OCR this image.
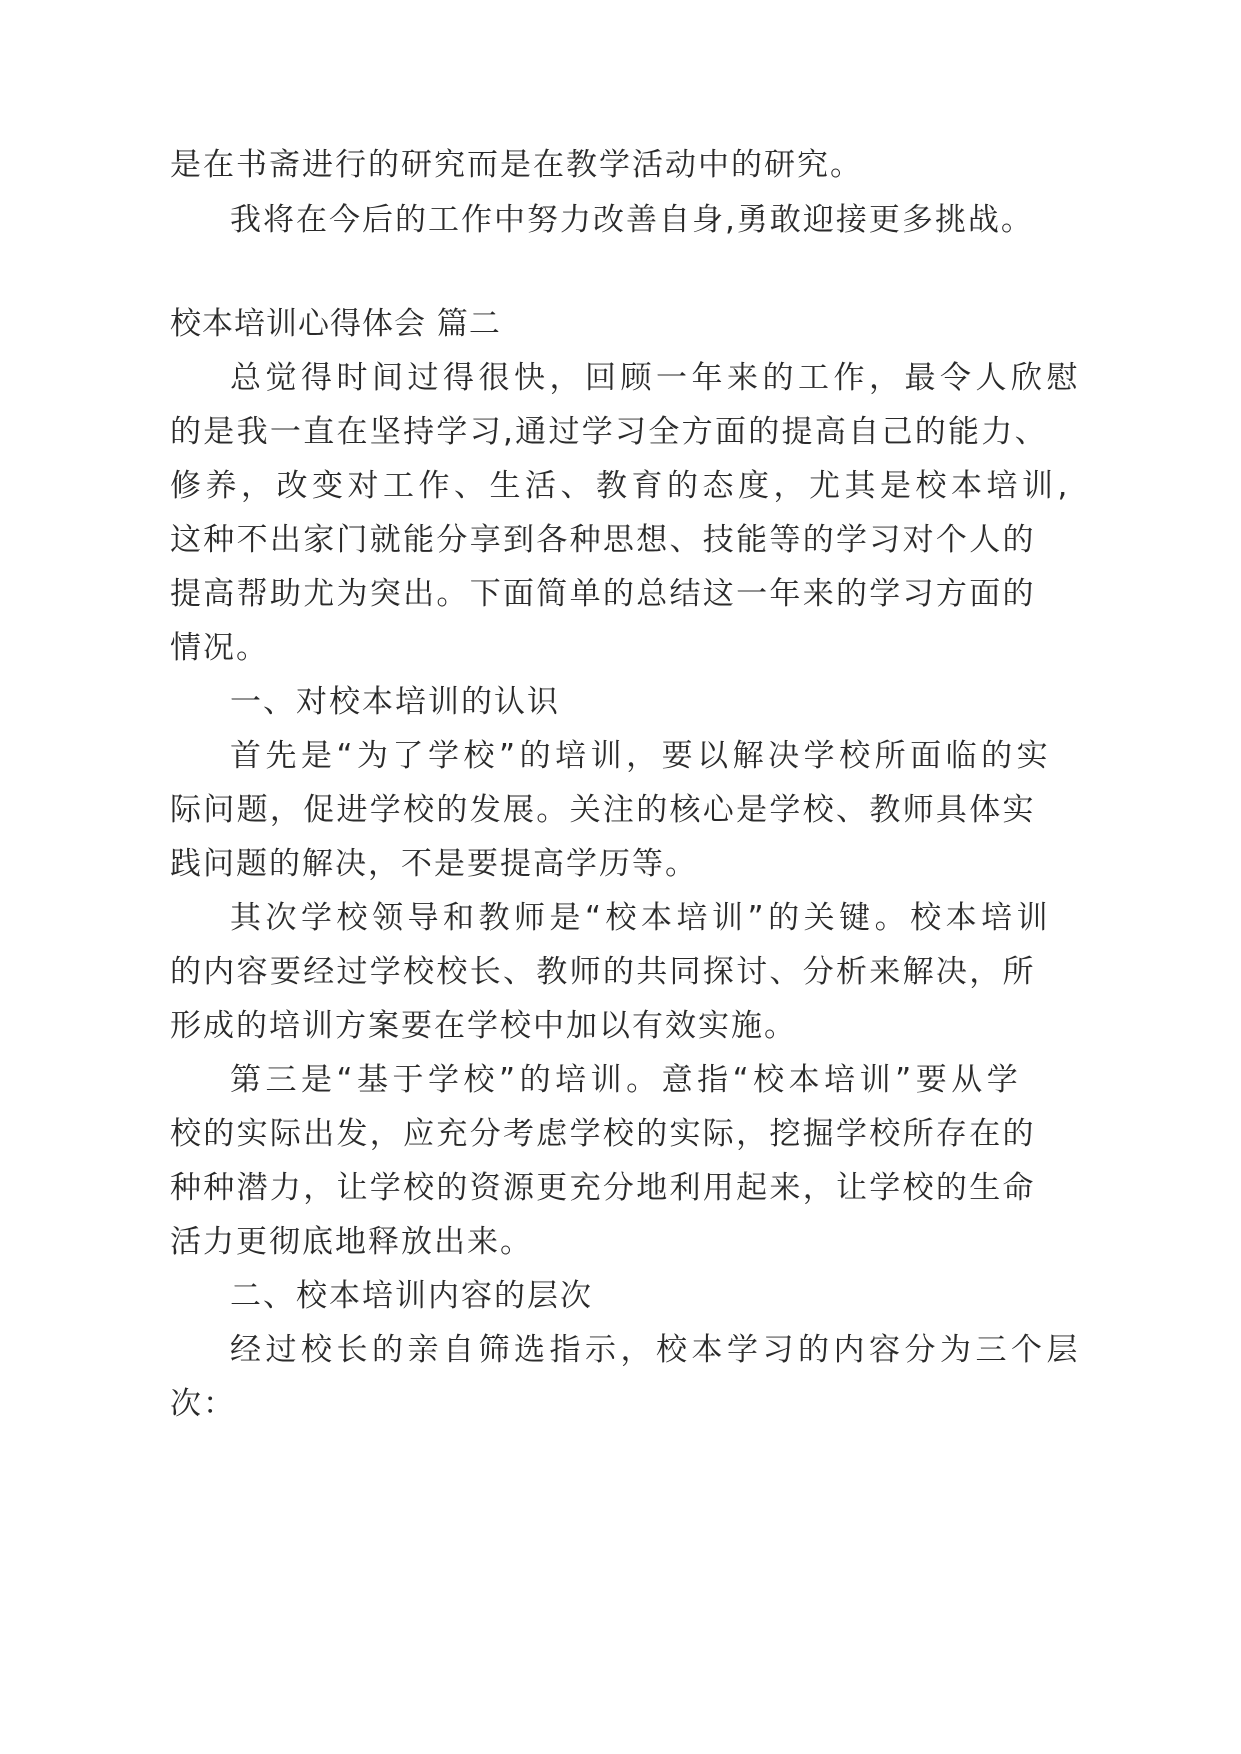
是在书斋进行的研究而是在教学活动中的研究。

我将在今后的工作中努力改善自身,勇敢迎接更多挑战。

校本培训心得体会 篇二

总觉得时间过得很快，回顾一年来的工作，最令人欣慰

的是我一直在坚持学习,通过学习全方面的提高自己的能力、

修养，改变对工作、生活、教育的态度，尤其是校本培训,

这种不出家门就能分享到各种思想、技能等的学习对个人的

提高帮助尤为突出。下面简单的总结这一年来的学习方面的

情况。

一、对校本培训的认识

首先是“为了学校”的培训，要以解决学校所面临的实

际问题，促进学校的发展。关注的核心是学校、教师具体实

践问题的解决，不是要提高学历等。

其次学校领导和教师是“校本培训”的关键。校本培训

的内容要经过学校校长、教师的共同探讨、分析来解决，所

形成的培训方案要在学校中加以有效实施。

第三是“基于学校”的培训。意指“校本培训”要从学

校的实际出发，应充分考虑学校的实际，挖掘学校所存在的

种种潜力，让学校的资源更充分地利用起来，让学校的生命

活力更彻底地释放出来。

二、校本培训内容的层次

经过校长的亲自筛选指示，校本学习的内容分为三个层

次：
